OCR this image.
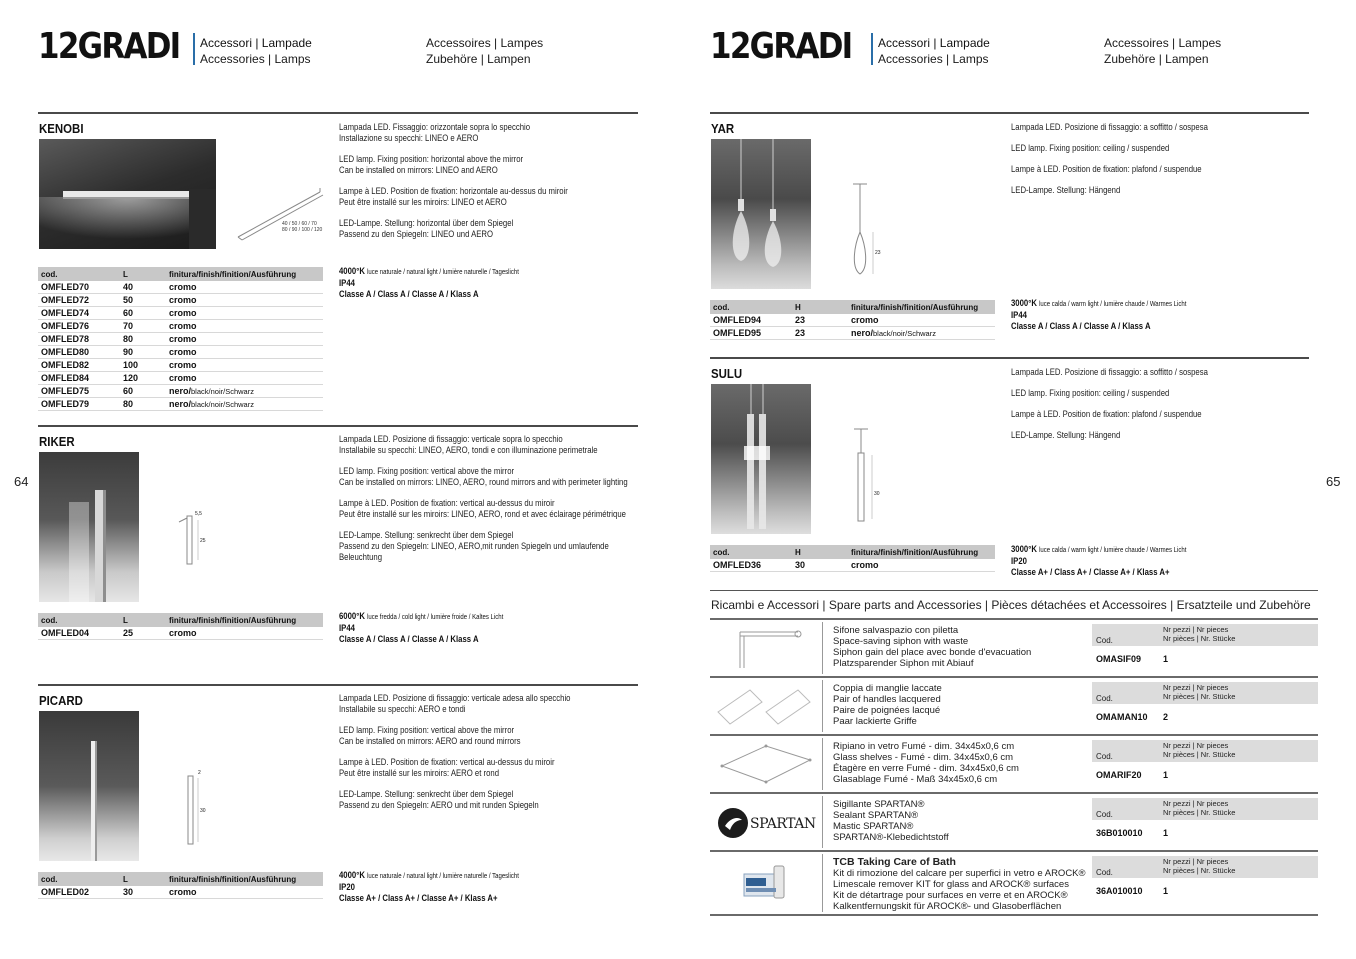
12GRADI Accessori | Lampade
Accessories | Lamps
Accessoires | Lampes
Zubehöre | Lampen
64
KENOBI
40 / 50 / 60 / 70
80 / 90 / 100 / 120

Lampada LED. Fissaggio: orizzontale sopra lo specchio
Installazione su specchi: LINEO e AERO

LED lamp. Fixing position: horizontal above the mirror
Can be installed on mirrors: LINEO and AERO

Lampe à LED. Position de fixation: horizontale au-dessus du miroir
Peut être installé sur les miroirs: LINEO et AERO

LED-Lampe. Stellung: horizontal über dem Spiegel
Passend zu den Spiegeln: LINEO und AERO

cod.	L	finitura/finish/finition/Ausführung
OMFLED70	40	cromo
OMFLED72	50	cromo
OMFLED74	60	cromo
OMFLED76	70	cromo
OMFLED78	80	cromo
OMFLED80	90	cromo
OMFLED82	100	cromo
OMFLED84	120	cromo
OMFLED75	60	nero/black/noir/Schwarz
OMFLED79	80	nero/black/noir/Schwarz
4000°K luce naturale / natural light / lumière naturelle / Tageslicht
IP44
Classe A / Class A / Classe A / Klass A
RIKER
5,5
25

Lampada LED. Posizione di fissaggio: verticale sopra lo specchio
Installabile su specchi: LINEO, AERO, tondi e con illuminazione perimetrale

LED lamp. Fixing position: vertical above the mirror
Can be installed on mirrors: LINEO, AERO, round mirrors and with perimeter lighting

Lampe à LED. Position de fixation: vertical au-dessus du miroir
Peut être installé sur les miroirs: LINEO, AERO, rond et avec éclairage périmétrique

LED-Lampe. Stellung: senkrecht über dem Spiegel
Passend zu den Spiegeln: LINEO, AERO,mit runden Spiegeln und umlaufende
Beleuchtung

cod.	L	finitura/finish/finition/Ausführung
OMFLED04	25	cromo
6000°K luce fredda / cold light / lumière froide / Kaltes Licht
IP44
Classe A / Class A / Classe A / Klass A
PICARD
2
30

Lampada LED. Posizione di fissaggio: verticale adesa allo specchio
Installabile su specchi: AERO e tondi

LED lamp. Fixing position: vertical above the mirror
Can be installed on mirrors: AERO and round mirrors

Lampe à LED. Position de fixation: vertical au-dessus du miroir
Peut être installé sur les miroirs: AERO et rond

LED-Lampe. Stellung: senkrecht über dem Spiegel
Passend zu den Spiegeln: AERO und mit runden Spiegeln

cod.	L	finitura/finish/finition/Ausführung
OMFLED02	30	cromo
4000°K luce naturale / natural light / lumière naturelle / Tageslicht
IP20
Classe A+ / Class A+ / Classe A+ / Klass A+
12GRADI Accessori | Lampade
Accessories | Lamps
Accessoires | Lampes
Zubehöre | Lampen
65
YAR
23

Lampada LED. Posizione di fissaggio: a soffitto / sospesa

LED lamp. Fixing position: ceiling / suspended

Lampe à LED. Position de fixation: plafond / suspendue

LED-Lampe. Stellung: Hängend

cod.	H	finitura/finish/finition/Ausführung
OMFLED94	23	cromo
OMFLED95	23	nero/black/noir/Schwarz
3000°K luce calda / warm light / lumière chaude / Warmes Licht
IP44
Classe A / Class A / Classe A / Klass A
SULU
30

Lampada LED. Posizione di fissaggio: a soffitto / sospesa

LED lamp. Fixing position: ceiling / suspended

Lampe à LED. Position de fixation: plafond / suspendue

LED-Lampe. Stellung: Hängend

cod.	H	finitura/finish/finition/Ausführung
OMFLED36	30	cromo
3000°K luce calda / warm light / lumière chaude / Warmes Licht
IP20
Classe A+ / Class A+ / Classe A+ / Klass A+
Ricambi e Accessori | Spare parts and Accessories | Pièces détachées et Accessoires | Ersatzteile und Zubehöre
Sifone salvaspazio con piletta
Space-saving siphon with waste
Siphon gain del place avec bonde d'evacuation
Platzsparender Siphon mit Abiauf
Cod.
Nr pezzi | Nr pieces
Nr pièces | Nr. Stücke
OMASIF09 1
Coppia di manglie laccate
Pair of handles lacquered
Paire de poignées lacqué
Paar lackierte Griffe
Cod.
Nr pezzi | Nr pieces
Nr pièces | Nr. Stücke
OMAMAN10 2
Ripiano in vetro Fumé - dim. 34x45x0,6 cm
Glass shelves - Fumé - dim. 34x45x0,6 cm
Étagère en verre Fumé - dim. 34x45x0,6 cm
Glasablage Fumé - Maß 34x45x0,6 cm
Cod.
Nr pezzi | Nr pieces
Nr pièces | Nr. Stücke
OMARIF20 1
SPARTAN
Sigillante SPARTAN®
Sealant SPARTAN®
Mastic SPARTAN®
SPARTAN®-Klebedichtstoff
Cod.
Nr pezzi | Nr pieces
Nr pièces | Nr. Stücke
36B010010 1
TCB Taking Care of Bath
Kit di rimozione del calcare per superfici in vetro e AROCK®
Limescale remover KIT for glass and AROCK® surfaces
Kit de détartrage pour surfaces en verre et en AROCK®
Kalkentfernungskit für AROCK®- und Glasoberflächen
Cod.
Nr pezzi | Nr pieces
Nr pièces | Nr. Stücke
36A010010 1
